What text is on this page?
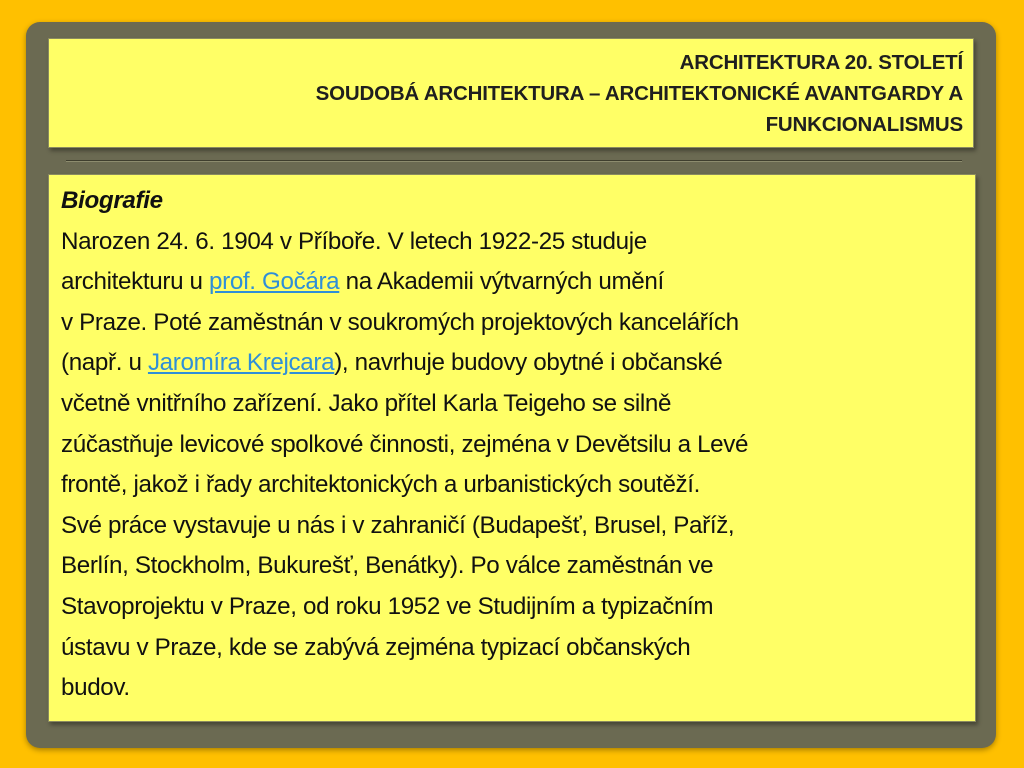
ARCHITEKTURA 20. STOLETÍ
SOUDOBÁ ARCHITEKTURA – ARCHITEKTONICKÉ AVANTGARDY A
FUNKCIONALISMUS
Biografie
Narozen 24. 6. 1904 v Příboře. V letech 1922-25 studuje
architekturu u prof. Gočára na Akademii výtvarných umění
v Praze. Poté zaměstnán v soukromých projektových kancelářích
(např. u Jaromíra Krejcara), navrhuje budovy obytné i občanské
včetně vnitřního zařízení. Jako přítel Karla Teigeho se silně
zúčastňuje levicové spolkové činnosti, zejména v Devětsilu a Levé
frontě, jakož i řady architektonických a urbanistických soutěží.
Své práce vystavuje u nás i v zahraničí (Budapešť, Brusel, Paříž,
Berlín, Stockholm, Bukurešť, Benátky). Po válce zaměstnán ve
Stavoprojektu v Praze, od roku 1952 ve Studijním a typizačním
ústavu v Praze, kde se zabývá zejména typizací občanských
budov.
